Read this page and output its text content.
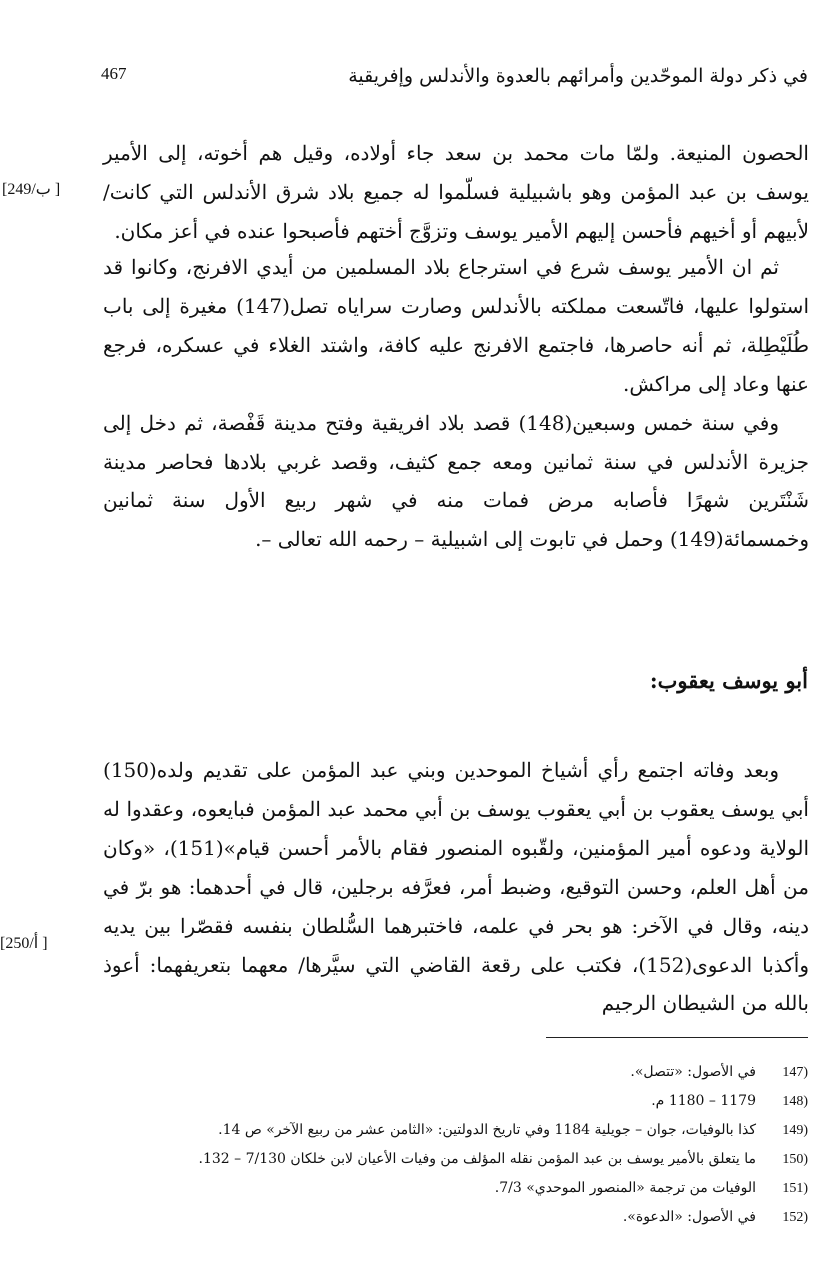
في ذكر دولة الموحّدين وأمرائهم بالعدوة والأندلس وإفريقية
467
[249/ب ]
[250/أ ]

الحصون المنيعة. ولمّا مات محمد بن سعد جاء أولاده، وقيل هم أخوته، إلى الأمير يوسف بن عبد المؤمن وهو باشبيلية فسلّموا له جميع بلاد شرق الأندلس التي كانت/ لأبيهم أو أخيهم فأحسن إليهم الأمير يوسف وتزوَّج أختهم فأصبحوا عنده في أعز مكان.

ثم ان الأمير يوسف شرع في استرجاع بلاد المسلمين من أيدي الافرنج، وكانوا قد استولوا عليها، فاتّسعت مملكته بالأندلس وصارت سراياه تصل(147) مغيرة إلى باب طُلَيْطِلة، ثم أنه حاصرها، فاجتمع الافرنج عليه كافة، واشتد الغلاء في عسكره، فرجع عنها وعاد إلى مراكش.

وفي سنة خمس وسبعين(148) قصد بلاد افريقية وفتح مدينة قَفْصة، ثم دخل إلى جزيرة الأندلس في سنة ثمانين ومعه جمع كثيف، وقصد غربي بلادها فحاصر مدينة شَنْتَرين شهرًا فأصابه مرض فمات منه في شهر ربيع الأول سنة ثمانين وخمسمائة(149) وحمل في تابوت إلى اشبيلية – رحمه الله تعالى –.

أبو يوسف يعقوب:

وبعد وفاته اجتمع رأي أشياخ الموحدين وبني عبد المؤمن على تقديم ولده(150) أبي يوسف يعقوب بن أبي يعقوب يوسف بن أبي محمد عبد المؤمن فبايعوه، وعقدوا له الولاية ودعوه أمير المؤمنين، ولقّبوه المنصور فقام بالأمر أحسن قيام»(151)، «وكان من أهل العلم، وحسن التوقيع، وضبط أمر، فعرَّفه برجلين، قال في أحدهما: هو برّ في دينه، وقال في الآخر: هو بحر في علمه، فاختبرهما السُّلطان بنفسه فقصّرا بين يديه وأكذبا الدعوى(152)، فكتب على رقعة القاضي التي سيَّرها/ معهما بتعريفهما: أعوذ بالله من الشيطان الرجيم

(147في الأصول: «تتصل».
(1481179 – 1180 م.
(149كذا بالوفيات، جوان – جويلية 1184 وفي تاريخ الدولتين: «الثامن عشر من ربيع الآخر» ص 14.
(150ما يتعلق بالأمير يوسف بن عبد المؤمن نقله المؤلف من وفيات الأعيان لابن خلكان 7/130 – 132.
(151الوفيات من ترجمة «المنصور الموحدي» 7/3.
(152في الأصول: «الدعوة».
